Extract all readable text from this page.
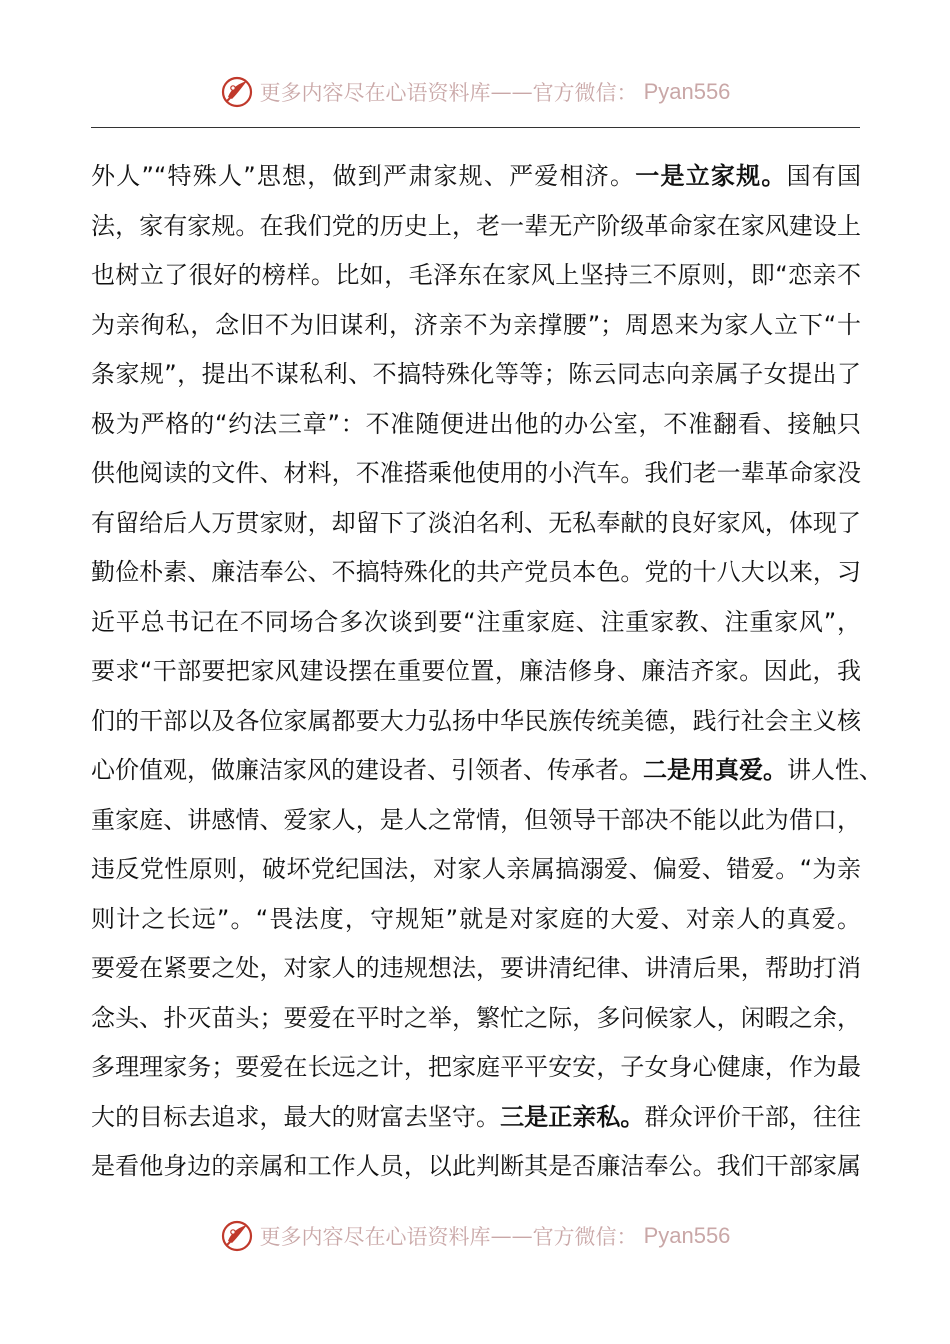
更多内容尽在心语资料库 —— 官方微信： Pyan556
外人”“特殊人”思想，做到严肃家规、严爱相济。一是立家规。国有国
法，家有家规。在我们党的历史上，老一辈无产阶级革命家在家风建设上
也树立了很好的榜样。比如，毛泽东在家风上坚持三不原则，即“恋亲不
为亲徇私，念旧不为旧谋利，济亲不为亲撑腰”；周恩来为家人立下“十
条家规”，提出不谋私利、不搞特殊化等等；陈云同志向亲属子女提出了
极为严格的“约法三章”：不准随便进出他的办公室，不准翻看、接触只
供他阅读的文件、材料，不准搭乘他使用的小汽车。我们老一辈革命家没
有留给后人万贯家财，却留下了淡泊名利、无私奉献的良好家风，体现了
勤俭朴素、廉洁奉公、不搞特殊化的共产党员本色。党的十八大以来，习
近平总书记在不同场合多次谈到要“注重家庭、注重家教、注重家风”，
要求“干部要把家风建设摆在重要位置，廉洁修身、廉洁齐家。因此，我
们的干部以及各位家属都要大力弘扬中华民族传统美德，践行社会主义核
心价值观，做廉洁家风的建设者、引领者、传承者。二是用真爱。讲人性、
重家庭、讲感情、爱家人，是人之常情，但领导干部决不能以此为借口，
违反党性原则，破坏党纪国法，对家人亲属搞溺爱、偏爱、错爱。“为亲
则计之长远”。“畏法度，守规矩”就是对家庭的大爱、对亲人的真爱。
要爱在紧要之处，对家人的违规想法，要讲清纪律、讲清后果，帮助打消
念头、扑灭苗头；要爱在平时之举，繁忙之际，多问候家人，闲暇之余，
多理理家务；要爱在长远之计，把家庭平平安安，子女身心健康，作为最
大的目标去追求，最大的财富去坚守。三是正亲私。群众评价干部，往往
是看他身边的亲属和工作人员，以此判断其是否廉洁奉公。我们干部家属
更多内容尽在心语资料库 —— 官方微信： Pyan556
